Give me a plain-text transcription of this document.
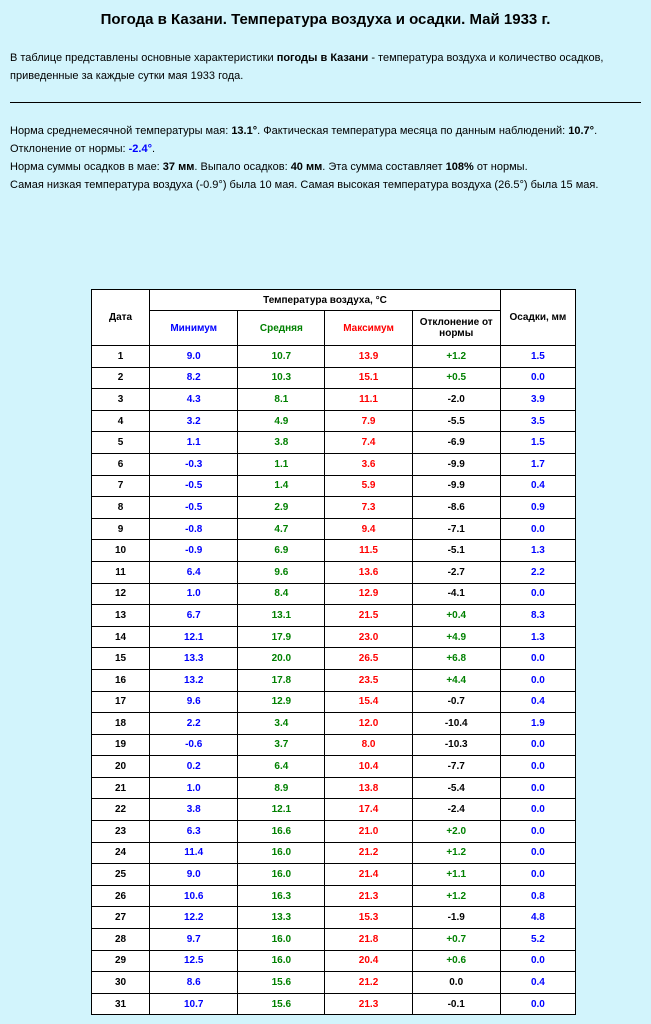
Погода в Казани. Температура воздуха и осадки. Май 1933 г.

В таблице представлены основные характеристики погоды в Казани - температура воздуха и количество осадков, приведенные за каждые сутки мая 1933 года.

Норма среднемесячной температуры мая: 13.1°. Фактическая температура месяца по данным наблюдений: 10.7°. Отклонение от нормы: -2.4°.

Норма суммы осадков в мае: 37 мм. Выпало осадков: 40 мм. Эта сумма составляет 108% от нормы.

Самая низкая температура воздуха (-0.9°) была 10 мая. Самая высокая температура воздуха (26.5°) была 15 мая.

Дата	Температура воздуха, °C				Осадки, мм
	Минимум	Средняя	Максимум	Отклонение от нормы	
1	9.0	10.7	13.9	+1.2	1.5
2	8.2	10.3	15.1	+0.5	0.0
3	4.3	8.1	11.1	-2.0	3.9
4	3.2	4.9	7.9	-5.5	3.5
5	1.1	3.8	7.4	-6.9	1.5
6	-0.3	1.1	3.6	-9.9	1.7
7	-0.5	1.4	5.9	-9.9	0.4
8	-0.5	2.9	7.3	-8.6	0.9
9	-0.8	4.7	9.4	-7.1	0.0
10	-0.9	6.9	11.5	-5.1	1.3
11	6.4	9.6	13.6	-2.7	2.2
12	1.0	8.4	12.9	-4.1	0.0
13	6.7	13.1	21.5	+0.4	8.3
14	12.1	17.9	23.0	+4.9	1.3
15	13.3	20.0	26.5	+6.8	0.0
16	13.2	17.8	23.5	+4.4	0.0
17	9.6	12.9	15.4	-0.7	0.4
18	2.2	3.4	12.0	-10.4	1.9
19	-0.6	3.7	8.0	-10.3	0.0
20	0.2	6.4	10.4	-7.7	0.0
21	1.0	8.9	13.8	-5.4	0.0
22	3.8	12.1	17.4	-2.4	0.0
23	6.3	16.6	21.0	+2.0	0.0
24	11.4	16.0	21.2	+1.2	0.0
25	9.0	16.0	21.4	+1.1	0.0
26	10.6	16.3	21.3	+1.2	0.8
27	12.2	13.3	15.3	-1.9	4.8
28	9.7	16.0	21.8	+0.7	5.2
29	12.5	16.0	20.4	+0.6	0.0
30	8.6	15.6	21.2	0.0	0.4
31	10.7	15.6	21.3	-0.1	0.0
